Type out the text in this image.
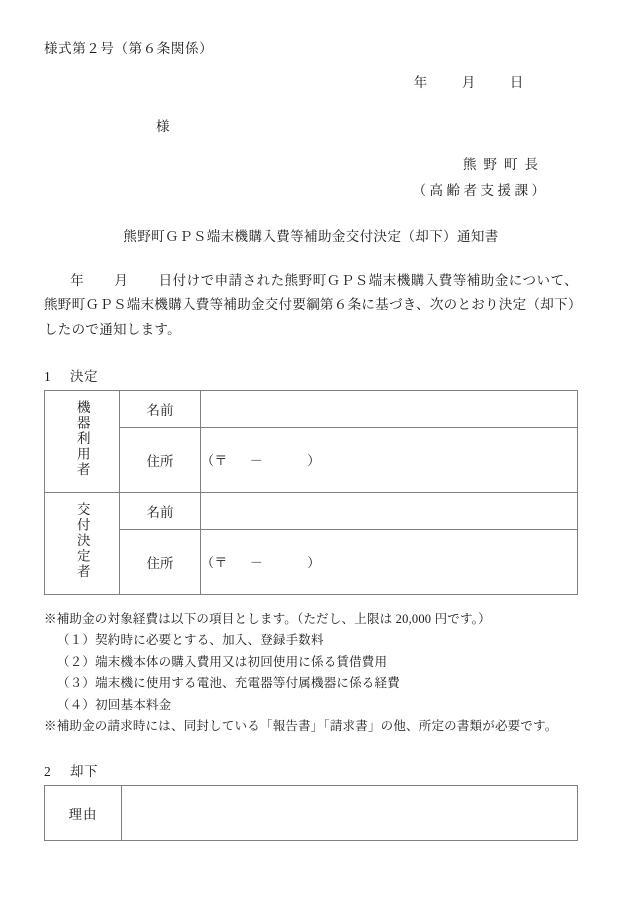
様式第２号（第６条関係）
年	月	日
様
熊野町長
（高齢者支援課）
熊野町ＧＰＳ端末機購入費等補助金交付決定（却下）通知書
年 月 日付けで申請された熊野町ＧＰＳ端末機購入費等補助金について、熊野町ＧＰＳ端末機購入費等補助金交付要綱第６条に基づき、次のとおり決定（却下）したので通知します。
1 決定
機器利用者	名前	
	住所	（〒 － ）
交付決定者	名前	
	住所	（〒 － ）
※補助金の対象経費は以下の項目とします。（ただし、上限は 20,000 円です。）
（１）契約時に必要とする、加入、登録手数料
（２）端末機本体の購入費用又は初回使用に係る賃借費用
（３）端末機に使用する電池、充電器等付属機器に係る経費
（４）初回基本料金
※補助金の請求時には、同封している「報告書」「請求書」の他、所定の書類が必要です。
2 却下
理由	
